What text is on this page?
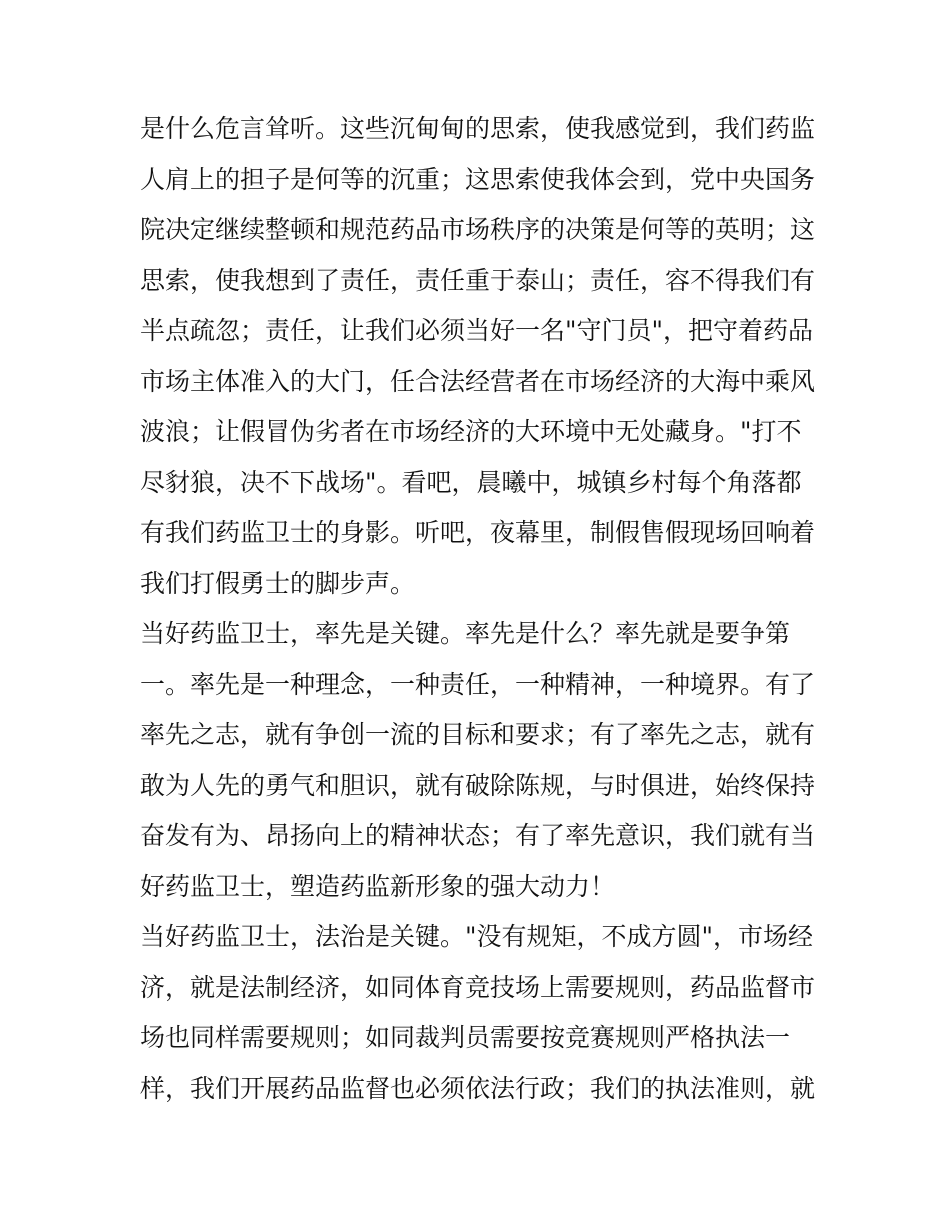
是什么危言耸听。这些沉甸甸的思索，使我感觉到，我们药监
人肩上的担子是何等的沉重；这思索使我体会到，党中央国务
院决定继续整顿和规范药品市场秩序的决策是何等的英明；这
思索，使我想到了责任，责任重于泰山；责任，容不得我们有
半点疏忽；责任，让我们必须当好一名"守门员"，把守着药品
市场主体准入的大门，任合法经营者在市场经济的大海中乘风
波浪；让假冒伪劣者在市场经济的大环境中无处藏身。"打不
尽豺狼，决不下战场"。看吧，晨曦中，城镇乡村每个角落都
有我们药监卫士的身影。听吧，夜幕里，制假售假现场回响着
我们打假勇士的脚步声。
当好药监卫士，率先是关键。率先是什么？率先就是要争第
一。率先是一种理念，一种责任，一种精神，一种境界。有了
率先之志，就有争创一流的目标和要求；有了率先之志，就有
敢为人先的勇气和胆识，就有破除陈规，与时俱进，始终保持
奋发有为、昂扬向上的精神状态；有了率先意识，我们就有当
好药监卫士，塑造药监新形象的强大动力！
当好药监卫士，法治是关键。"没有规矩，不成方圆"，市场经
济，就是法制经济，如同体育竞技场上需要规则，药品监督市
场也同样需要规则；如同裁判员需要按竞赛规则严格执法一
样，我们开展药品监督也必须依法行政；我们的执法准则，就
